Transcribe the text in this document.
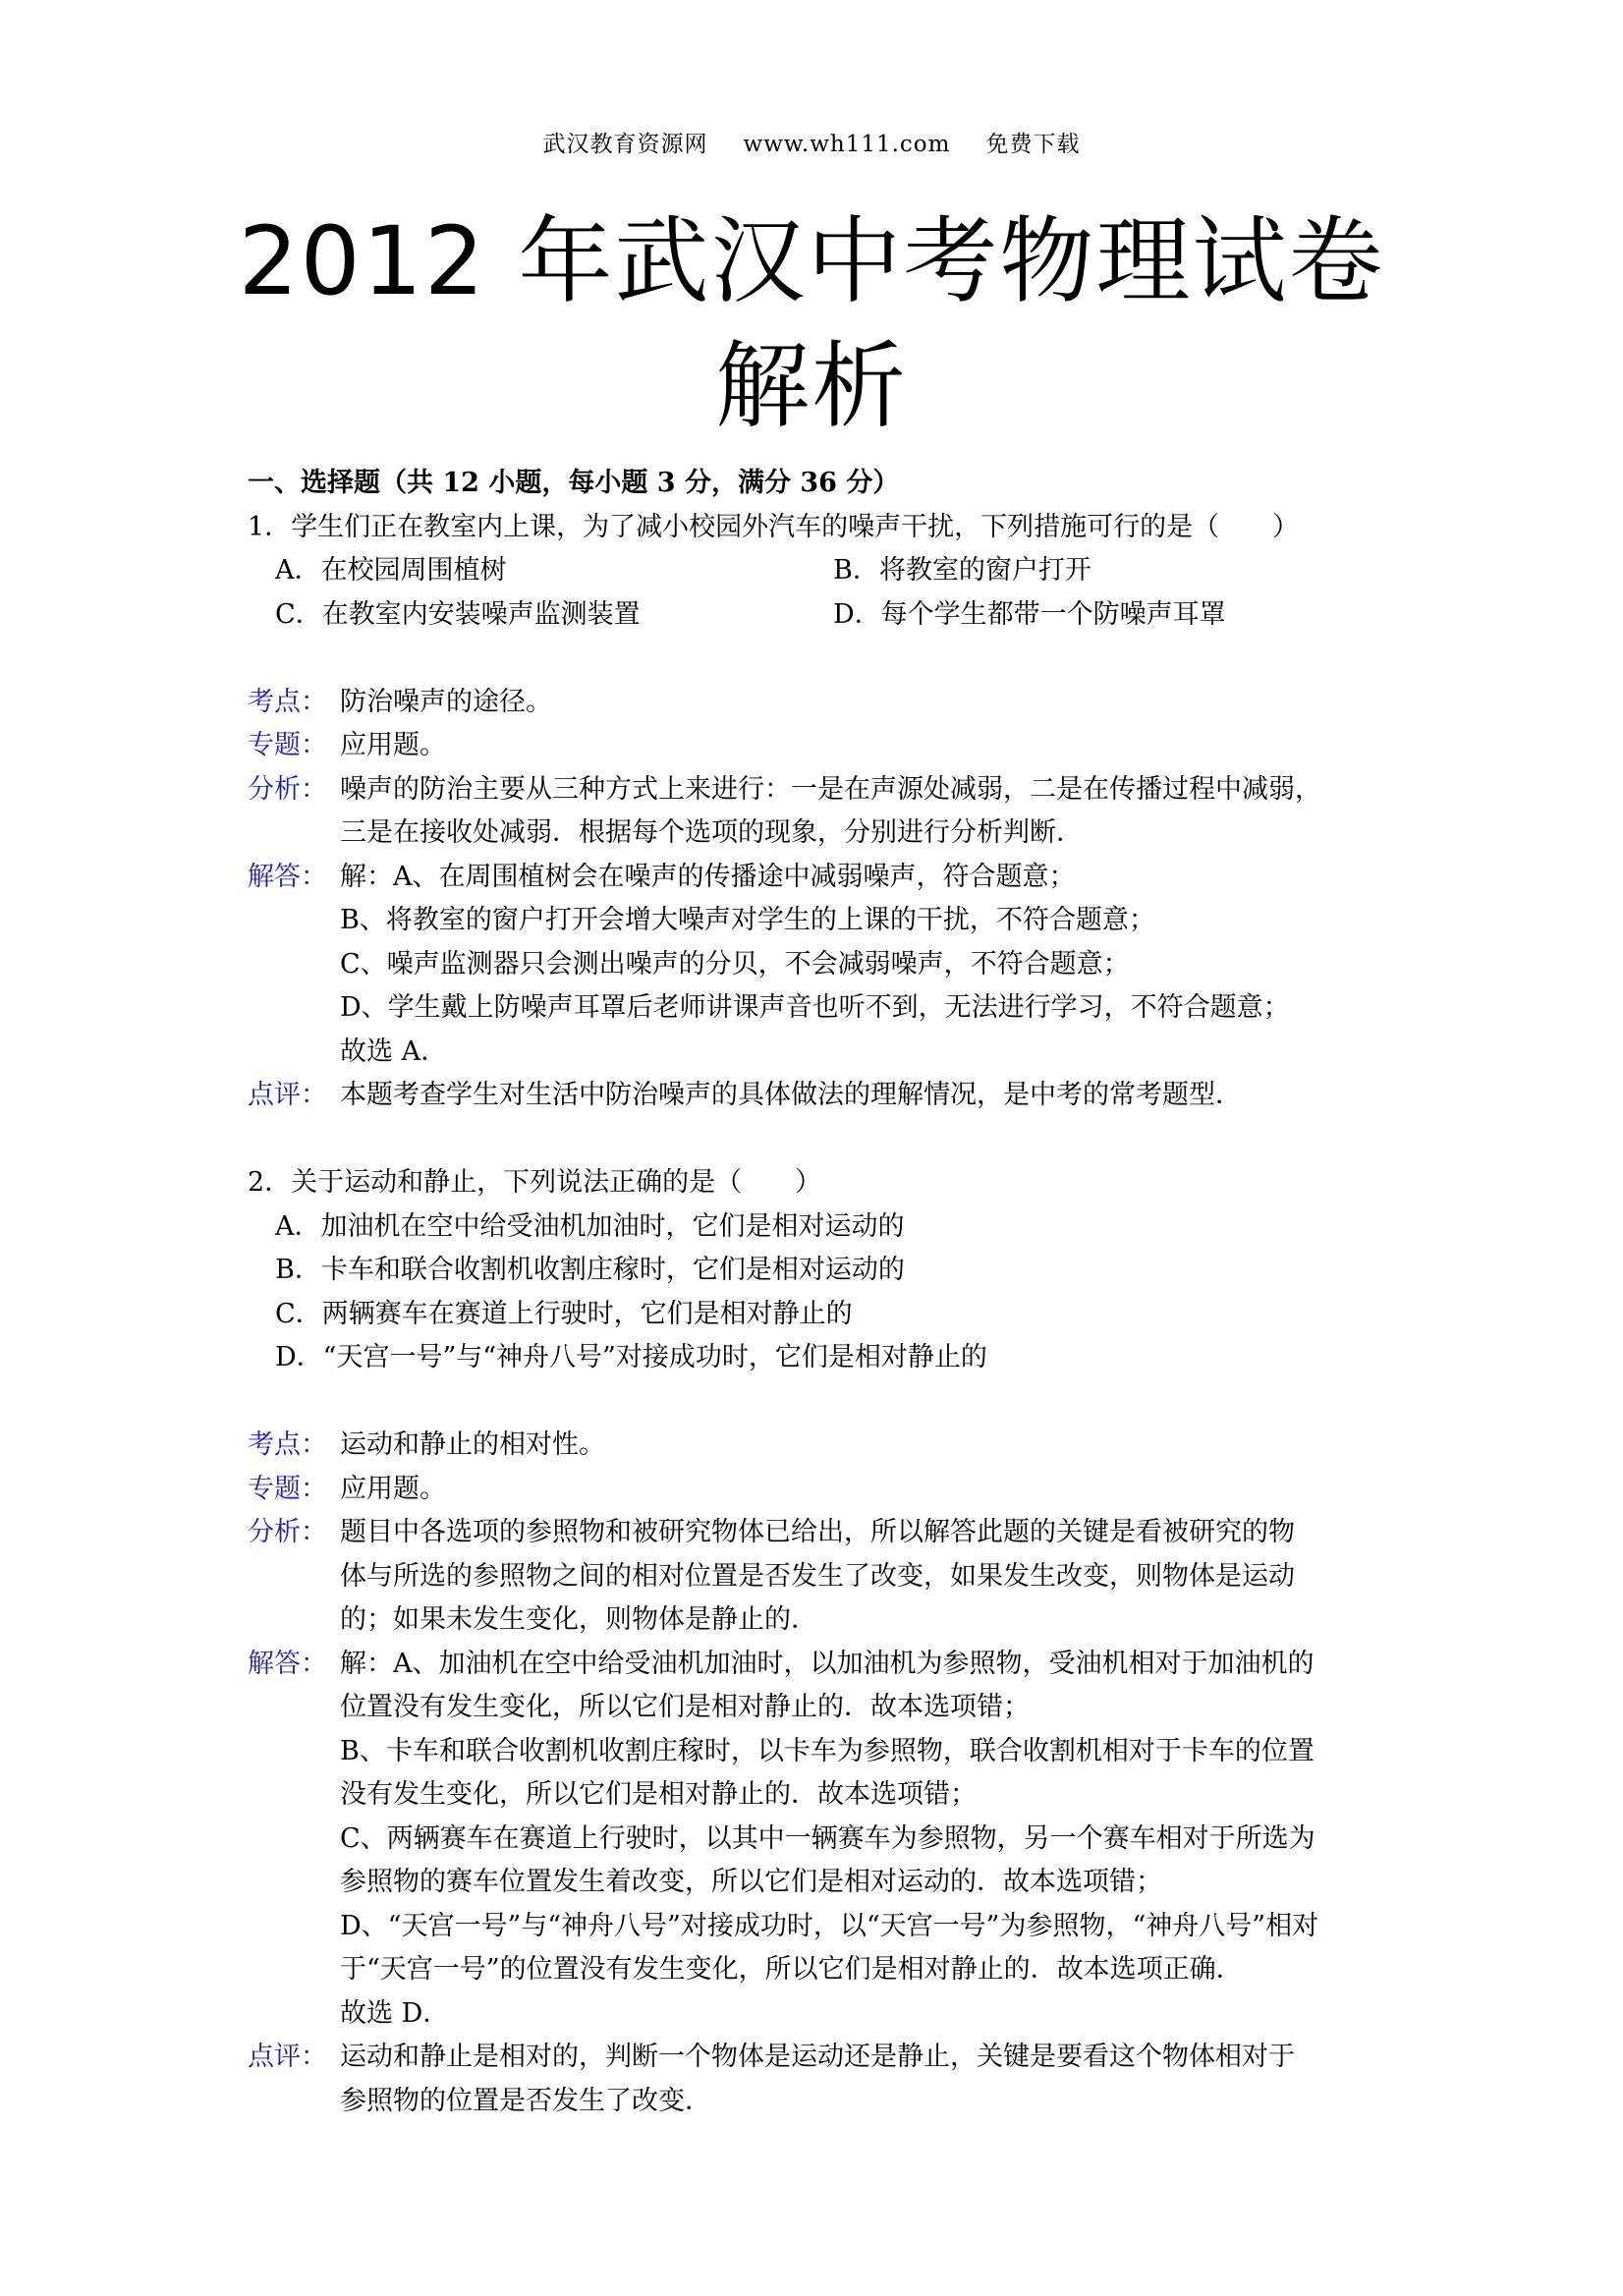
武汉教育资源网 www.wh111.com 免费下载
2012 年武汉中考物理试卷
解析
一、选择题（共 12 小题，每小题 3 分，满分 36 分）
1．学生们正在教室内上课，为了减小校园外汽车的噪声干扰，下列措施可行的是（　　）
A．在校园周围植树	B．将教室的窗户打开
C．在教室内安装噪声监测装置	D．每个学生都带一个防噪声耳罩
考点： 防治噪声的途径。
专题： 应用题。
分析： 噪声的防治主要从三种方式上来进行：一是在声源处减弱，二是在传播过程中减弱，
三是在接收处减弱．根据每个选项的现象，分别进行分析判断．
解答： 解：A、在周围植树会在噪声的传播途中减弱噪声，符合题意；
B、将教室的窗户打开会增大噪声对学生的上课的干扰，不符合题意；
C、噪声监测器只会测出噪声的分贝，不会减弱噪声，不符合题意；
D、学生戴上防噪声耳罩后老师讲课声音也听不到，无法进行学习，不符合题意；
故选 A．
点评： 本题考查学生对生活中防治噪声的具体做法的理解情况，是中考的常考题型．
2．关于运动和静止，下列说法正确的是（　　）
A．加油机在空中给受油机加油时，它们是相对运动的
B．卡车和联合收割机收割庄稼时，它们是相对运动的
C．两辆赛车在赛道上行驶时，它们是相对静止的
D．“天宫一号”与“神舟八号”对接成功时，它们是相对静止的
考点： 运动和静止的相对性。
专题： 应用题。
分析： 题目中各选项的参照物和被研究物体已给出，所以解答此题的关键是看被研究的物
体与所选的参照物之间的相对位置是否发生了改变，如果发生改变，则物体是运动
的；如果未发生变化，则物体是静止的．
解答： 解：A、加油机在空中给受油机加油时，以加油机为参照物，受油机相对于加油机的
位置没有发生变化，所以它们是相对静止的．故本选项错；
B、卡车和联合收割机收割庄稼时，以卡车为参照物，联合收割机相对于卡车的位置
没有发生变化，所以它们是相对静止的．故本选项错；
C、两辆赛车在赛道上行驶时，以其中一辆赛车为参照物，另一个赛车相对于所选为
参照物的赛车位置发生着改变，所以它们是相对运动的．故本选项错；
D、“天宫一号”与“神舟八号”对接成功时，以“天宫一号”为参照物，“神舟八号”相对
于“天宫一号”的位置没有发生变化，所以它们是相对静止的．故本选项正确．
故选 D．
点评： 运动和静止是相对的，判断一个物体是运动还是静止，关键是要看这个物体相对于
参照物的位置是否发生了改变．
